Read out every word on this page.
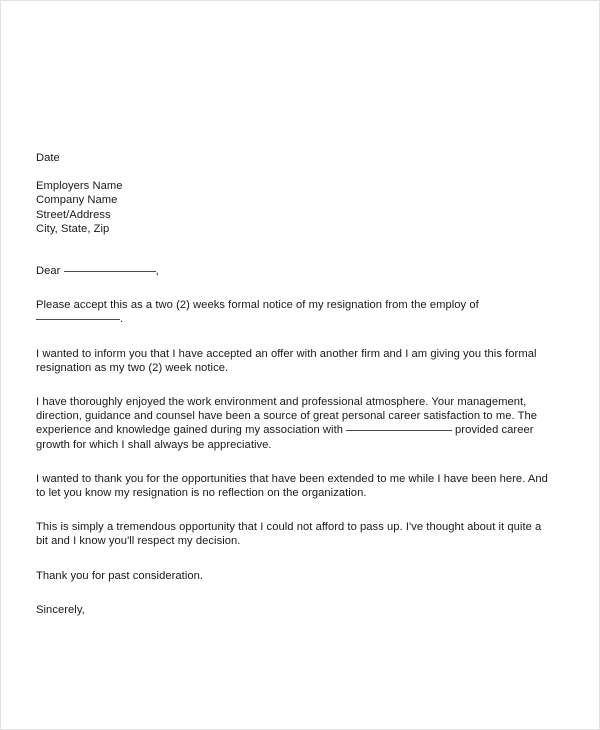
Date
Employers Name
Company Name
Street/Address
City, State, Zip
Dear	,

Please accept this as a two (2) weeks formal notice of my resignation from the employ of .

I wanted to inform you that I have accepted an offer with another firm and I am giving you this formal resignation as my two (2) week notice.

I have thoroughly enjoyed the work environment and professional atmosphere. Your management, direction, guidance and counsel have been a source of great personal career satisfaction to me. The experience and knowledge gained during my association with	provided career growth for which I shall always be appreciative.

I wanted to thank you for the opportunities that have been extended to me while I have been here. And to let you know my resignation is no reflection on the organization.

This is simply a tremendous opportunity that I could not afford to pass up. I've thought about it quite a bit and I know you'll respect my decision.

Thank you for past consideration.

Sincerely,
